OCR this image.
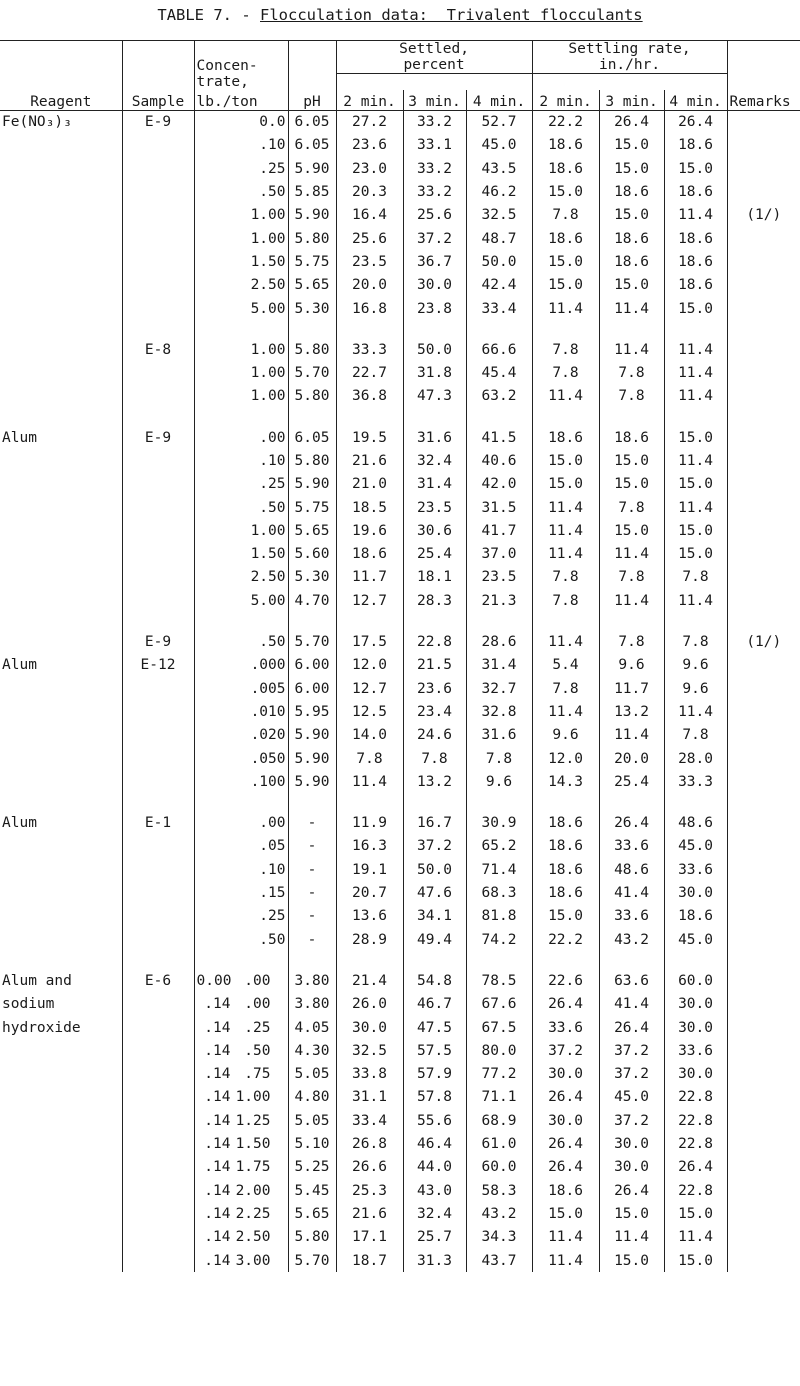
TABLE 7. - Flocculation data:  Trivalent flocculants
				Settled,			Settling rate,			
		Concen-		percent			in./hr.			
		trate,								
Reagent	Sample	lb./ton	pH	2 min.	3 min.	4 min.	2 min.	3 min.	4 min.	Remarks
Fe(NO₃)₃	E-9	0.0	6.05	27.2	33.2	52.7	22.2	26.4	26.4	
		.10	6.05	23.6	33.1	45.0	18.6	15.0	18.6	
		.25	5.90	23.0	33.2	43.5	18.6	15.0	15.0	
		.50	5.85	20.3	33.2	46.2	15.0	18.6	18.6	
		1.00	5.90	16.4	25.6	32.5	7.8	15.0	11.4	(1/)
		1.00	5.80	25.6	37.2	48.7	18.6	18.6	18.6	
		1.50	5.75	23.5	36.7	50.0	15.0	18.6	18.6	
		2.50	5.65	20.0	30.0	42.4	15.0	15.0	18.6	
		5.00	5.30	16.8	23.8	33.4	11.4	11.4	15.0	

	E-8	1.00	5.80	33.3	50.0	66.6	7.8	11.4	11.4	
		1.00	5.70	22.7	31.8	45.4	7.8	7.8	11.4	
		1.00	5.80	36.8	47.3	63.2	11.4	7.8	11.4	

Alum	E-9	.00	6.05	19.5	31.6	41.5	18.6	18.6	15.0	
		.10	5.80	21.6	32.4	40.6	15.0	15.0	11.4	
		.25	5.90	21.0	31.4	42.0	15.0	15.0	15.0	
		.50	5.75	18.5	23.5	31.5	11.4	7.8	11.4	
		1.00	5.65	19.6	30.6	41.7	11.4	15.0	15.0	
		1.50	5.60	18.6	25.4	37.0	11.4	11.4	15.0	
		2.50	5.30	11.7	18.1	23.5	7.8	7.8	7.8	
		5.00	4.70	12.7	28.3	21.3	7.8	11.4	11.4	

	E-9	.50	5.70	17.5	22.8	28.6	11.4	7.8	7.8	(1/)
Alum	E-12	.000	6.00	12.0	21.5	31.4	5.4	9.6	9.6	
		.005	6.00	12.7	23.6	32.7	7.8	11.7	9.6	
		.010	5.95	12.5	23.4	32.8	11.4	13.2	11.4	
		.020	5.90	14.0	24.6	31.6	9.6	11.4	7.8	
		.050	5.90	7.8	7.8	7.8	12.0	20.0	28.0	
		.100	5.90	11.4	13.2	9.6	14.3	25.4	33.3	

Alum	E-1	.00	-	11.9	16.7	30.9	18.6	26.4	48.6	
		.05	-	16.3	37.2	65.2	18.6	33.6	45.0	
		.10	-	19.1	50.0	71.4	18.6	48.6	33.6	
		.15	-	20.7	47.6	68.3	18.6	41.4	30.0	
		.25	-	13.6	34.1	81.8	15.0	33.6	18.6	
		.50	-	28.9	49.4	74.2	22.2	43.2	45.0	

Alum and	E-6	0.00 .00	3.80	21.4	54.8	78.5	22.6	63.6	60.0	
sodium		.14 .00	3.80	26.0	46.7	67.6	26.4	41.4	30.0	
hydroxide		.14 .25	4.05	30.0	47.5	67.5	33.6	26.4	30.0	
		.14 .50	4.30	32.5	57.5	80.0	37.2	37.2	33.6	
		.14 .75	5.05	33.8	57.9	77.2	30.0	37.2	30.0	
		.14 1.00	4.80	31.1	57.8	71.1	26.4	45.0	22.8	
		.14 1.25	5.05	33.4	55.6	68.9	30.0	37.2	22.8	
		.14 1.50	5.10	26.8	46.4	61.0	26.4	30.0	22.8	
		.14 1.75	5.25	26.6	44.0	60.0	26.4	30.0	26.4	
		.14 2.00	5.45	25.3	43.0	58.3	18.6	26.4	22.8	
		.14 2.25	5.65	21.6	32.4	43.2	15.0	15.0	15.0	
		.14 2.50	5.80	17.1	25.7	34.3	11.4	11.4	11.4	
		.14 3.00	5.70	18.7	31.3	43.7	11.4	15.0	15.0	
